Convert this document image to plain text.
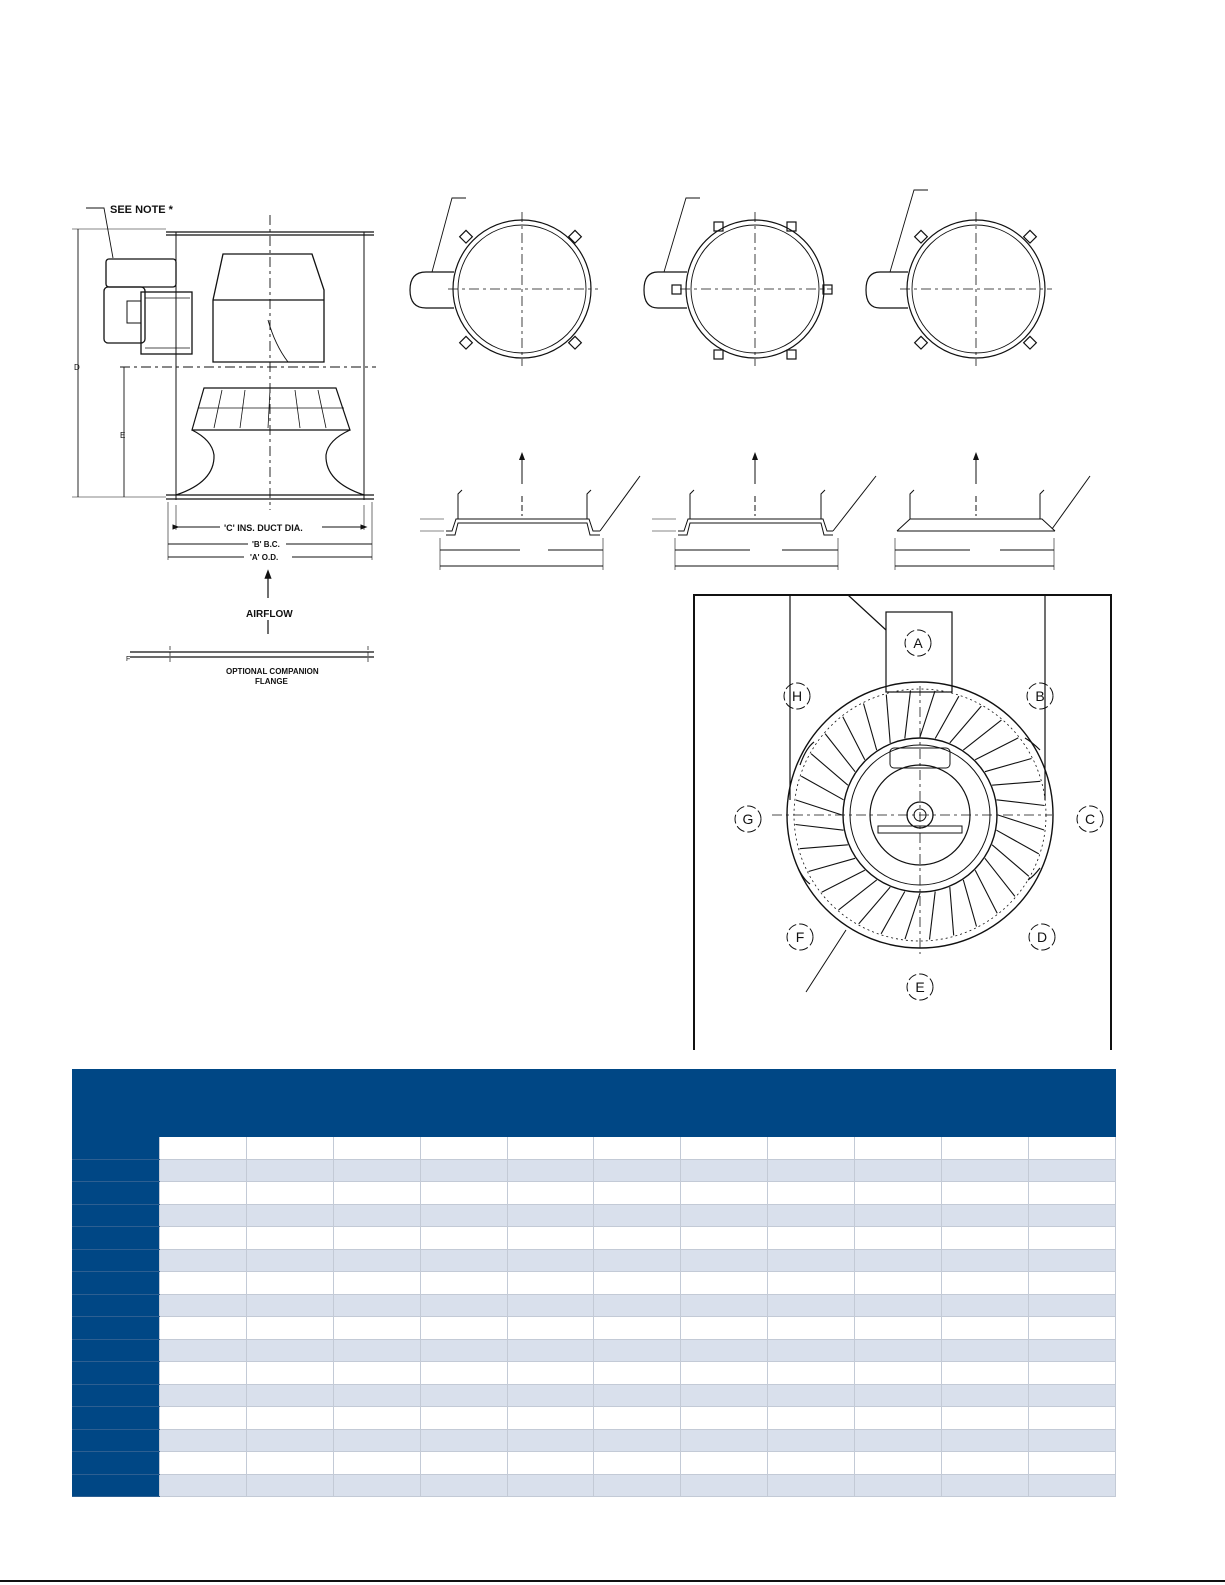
SEE NOTE *
D
E
'C' INS. DUCT DIA.
'B' B.C.
'A' O.D.
AIRFLOW
F
OPTIONAL COMPANION
FLANGE
A
B
C
D
E
F
G
H
